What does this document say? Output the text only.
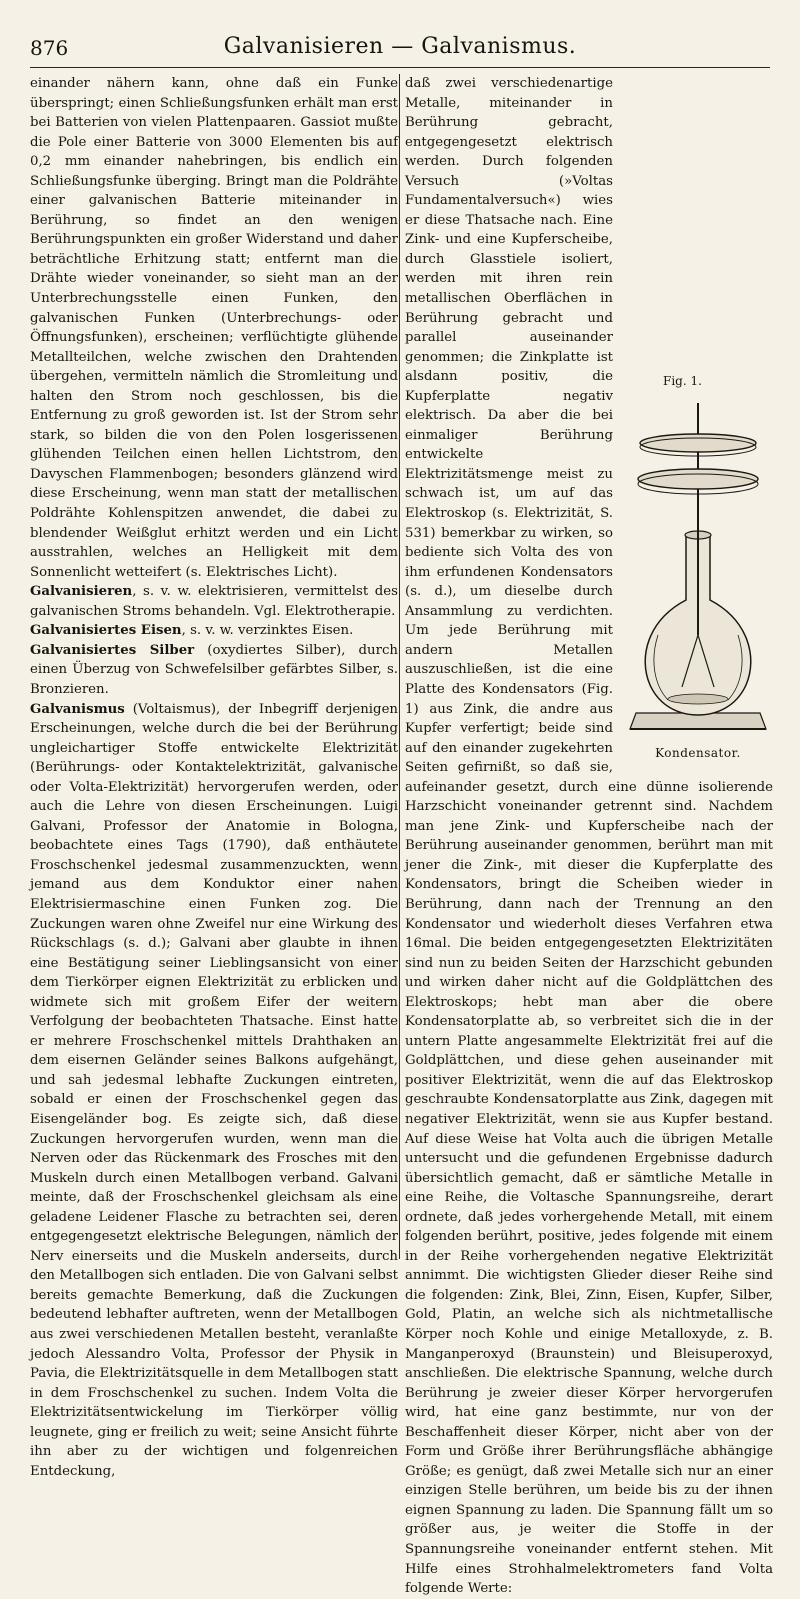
876	Galvanisieren — Galvanismus.

einander nähern kann, ohne daß ein Funke überspringt; einen Schließungsfunken erhält man erst bei Batterien von vielen Plattenpaaren. Gassiot mußte die Pole einer Batterie von 3000 Elementen bis auf 0,2 mm einander nahebringen, bis endlich ein Schließungsfunke überging. Bringt man die Poldrähte einer galvanischen Batterie miteinander in Berührung, so findet an den wenigen Berührungspunkten ein großer Widerstand und daher beträchtliche Erhitzung statt; entfernt man die Drähte wieder voneinander, so sieht man an der Unterbrechungsstelle einen Funken, den galvanischen Funken (Unterbrechungs- oder Öffnungsfunken), erscheinen; verflüchtigte glühende Metallteilchen, welche zwischen den Drahtenden übergehen, vermitteln nämlich die Stromleitung und halten den Strom noch geschlossen, bis die Entfernung zu groß geworden ist. Ist der Strom sehr stark, so bilden die von den Polen losgerissenen glühenden Teilchen einen hellen Lichtstrom, den Davyschen Flammenbogen; besonders glänzend wird diese Erscheinung, wenn man statt der metallischen Poldrähte Kohlenspitzen anwendet, die dabei zu blendender Weißglut erhitzt werden und ein Licht ausstrahlen, welches an Helligkeit mit dem Sonnenlicht wetteifert (s. Elektrisches Licht).

Galvanisieren, s. v. w. elektrisieren, vermittelst des galvanischen Stroms behandeln. Vgl. Elektrotherapie.

Galvanisiertes Eisen, s. v. w. verzinktes Eisen.

Galvanisiertes Silber (oxydiertes Silber), durch einen Überzug von Schwefelsilber gefärbtes Silber, s. Bronzieren.

Galvanismus (Voltaismus), der Inbegriff derjenigen Erscheinungen, welche durch die bei der Berührung ungleichartiger Stoffe entwickelte Elektrizität (Berührungs- oder Kontaktelektrizität, galvanische oder Volta-Elektrizität) hervorgerufen werden, oder auch die Lehre von diesen Erscheinungen. Luigi Galvani, Professor der Anatomie in Bologna, beobachtete eines Tags (1790), daß enthäutete Froschschenkel jedesmal zusammenzuckten, wenn jemand aus dem Konduktor einer nahen Elektrisiermaschine einen Funken zog. Die Zuckungen waren ohne Zweifel nur eine Wirkung des Rückschlags (s. d.); Galvani aber glaubte in ihnen eine Bestätigung seiner Lieblingsansicht von einer dem Tierkörper eignen Elektrizität zu erblicken und widmete sich mit großem Eifer der weitern Verfolgung der beobachteten Thatsache. Einst hatte er mehrere Froschschenkel mittels Drahthaken an dem eisernen Geländer seines Balkons aufgehängt, und sah jedesmal lebhafte Zuckungen eintreten, sobald er einen der Froschschenkel gegen das Eisengeländer bog. Es zeigte sich, daß diese Zuckungen hervorgerufen wurden, wenn man die Nerven oder das Rückenmark des Frosches mit den Muskeln durch einen Metallbogen verband. Galvani meinte, daß der Froschschenkel gleichsam als eine geladene Leidener Flasche zu betrachten sei, deren entgegengesetzt elektrische Belegungen, nämlich der Nerv einerseits und die Muskeln anderseits, durch den Metallbogen sich entladen. Die von Galvani selbst bereits gemachte Bemerkung, daß die Zuckungen bedeutend lebhafter auftreten, wenn der Metallbogen aus zwei verschiedenen Metallen besteht, veranlaßte jedoch Alessandro Volta, Professor der Physik in Pavia, die Elektrizitätsquelle in dem Metallbogen statt in dem Froschschenkel zu suchen. Indem Volta die Elektrizitätsentwickelung im Tierkörper völlig leugnete, ging er freilich zu weit; seine Ansicht führte ihn aber zu der wichtigen und folgenreichen Entdeckung,

Fig. 1.
Kondensator.

daß zwei verschiedenartige Metalle, miteinander in Berührung gebracht, entgegengesetzt elektrisch werden. Durch folgenden Versuch (»Voltas Fundamentalversuch«) wies er diese Thatsache nach. Eine Zink- und eine Kupferscheibe, durch Glasstiele isoliert, werden mit ihren rein metallischen Oberflächen in Berührung gebracht und parallel auseinander genommen; die Zinkplatte ist alsdann positiv, die Kupferplatte negativ elektrisch. Da aber die bei einmaliger Berührung entwickelte Elektrizitätsmenge meist zu schwach ist, um auf das Elektroskop (s. Elektrizität, S. 531) bemerkbar zu wirken, so bediente sich Volta des von ihm erfundenen Kondensators (s. d.), um dieselbe durch Ansammlung zu verdichten. Um jede Berührung mit andern Metallen auszuschließen, ist die eine Platte des Kondensators (Fig. 1) aus Zink, die andre aus Kupfer verfertigt; beide sind auf den einander zugekehrten Seiten gefirnißt, so daß sie, aufeinander gesetzt, durch eine dünne isolierende Harzschicht voneinander getrennt sind. Nachdem man jene Zink- und Kupferscheibe nach der Berührung auseinander genommen, berührt man mit jener die Zink-, mit dieser die Kupferplatte des Kondensators, bringt die Scheiben wieder in Berührung, dann nach der Trennung an den Kondensator und wiederholt dieses Verfahren etwa 16mal. Die beiden entgegengesetzten Elektrizitäten sind nun zu beiden Seiten der Harzschicht gebunden und wirken daher nicht auf die Goldplättchen des Elektroskops; hebt man aber die obere Kondensatorplatte ab, so verbreitet sich die in der untern Platte angesammelte Elektrizität frei auf die Goldplättchen, und diese gehen auseinander mit positiver Elektrizität, wenn die auf das Elektroskop geschraubte Kondensatorplatte aus Zink, dagegen mit negativer Elektrizität, wenn sie aus Kupfer bestand. Auf diese Weise hat Volta auch die übrigen Metalle untersucht und die gefundenen Ergebnisse dadurch übersichtlich gemacht, daß er sämtliche Metalle in eine Reihe, die Voltasche Spannungsreihe, derart ordnete, daß jedes vorhergehende Metall, mit einem folgenden berührt, positive, jedes folgende mit einem in der Reihe vorhergehenden negative Elektrizität annimmt. Die wichtigsten Glieder dieser Reihe sind die folgenden: Zink, Blei, Zinn, Eisen, Kupfer, Silber, Gold, Platin, an welche sich als nichtmetallische Körper noch Kohle und einige Metalloxyde, z. B. Manganperoxyd (Braunstein) und Bleisuperoxyd, anschließen. Die elektrische Spannung, welche durch Berührung je zweier dieser Körper hervorgerufen wird, hat eine ganz bestimmte, nur von der Beschaffenheit dieser Körper, nicht aber von der Form und Größe ihrer Berührungsfläche abhängige Größe; es genügt, daß zwei Metalle sich nur an einer einzigen Stelle berühren, um beide bis zu der ihnen eignen Spannung zu laden. Die Spannung fällt um so größer aus, je weiter die Stoffe in der Spannungsreihe voneinander entfernt stehen. Mit Hilfe eines Strohhalmelektrometers fand Volta folgende Werte:
